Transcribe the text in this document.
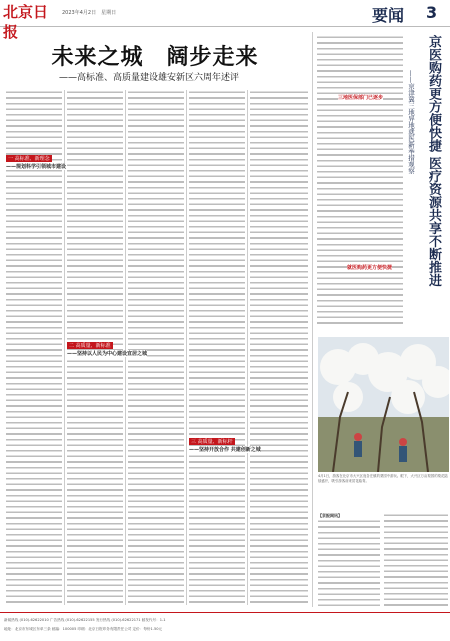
北京日报
2023年4月2日　星期日	要闻 3
未来之城　阔步走来
——高标准、高质量建设雄安新区六周年述评
一 高标准、新理念
——规划科学引领城市建设
二 高质量、新标准
——坚持以人民为中心建设宜居之城
三 高质量、新标杆
——坚持开放合作 共建创新之城
三地医保部门已逐步
就医购药更方便快捷	京医购药更方便快捷 医疗资源共享不断推进
——京津冀三地异地就医新举措观察
4月1日，游客在北京市大兴区庞各庄镇的梨园中游玩。眼下，大兴区万亩梨园的梨花陆续盛开，吸引游客前来赏花踏青。
【京报网讯】
新闻热线 (010)-62622010 广告热线 (010)-62622155 发行热线 (010)-62622171 邮发代号：1-1
地址：北京市东城区东单三条 邮编：100005 印刷：北京日报印务有限责任公司 定价：每份1.50元
